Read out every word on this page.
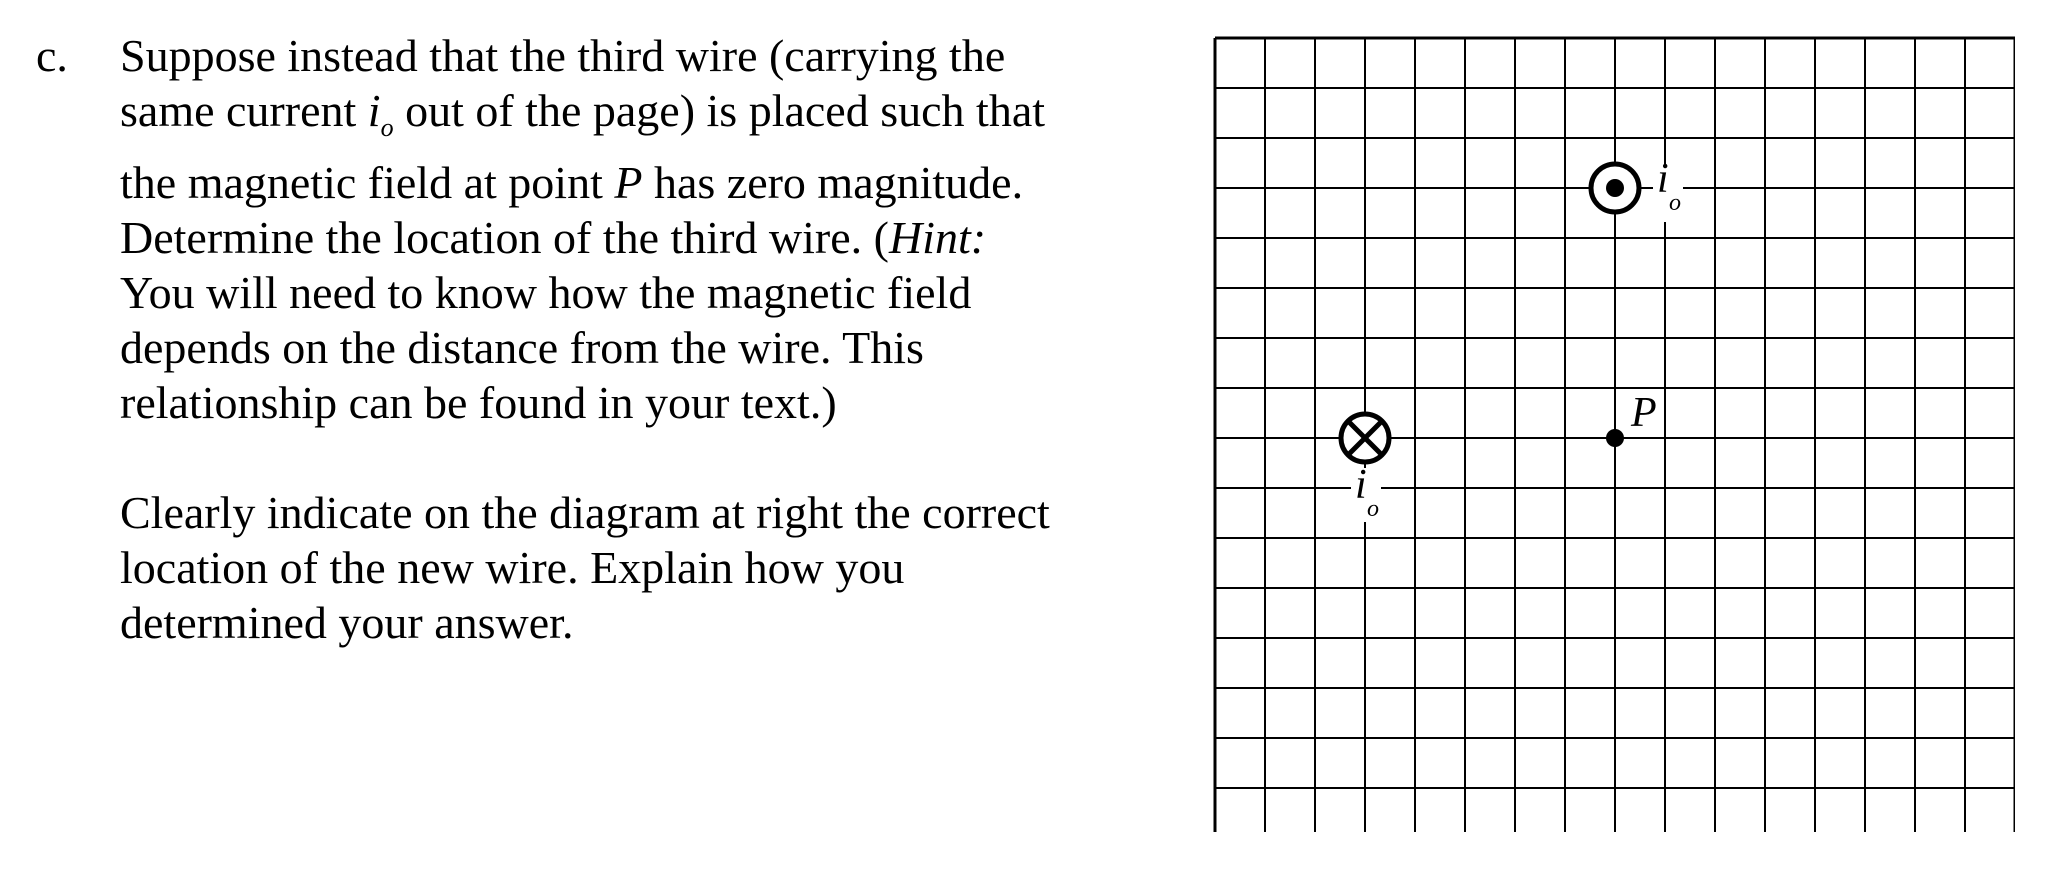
c. Suppose instead that the third wire (carrying the
same current $i_o$ out of the page) is placed such that
the magnetic field at point P has zero magnitude.
Determine the location of the third wire. (Hint:
You will need to know how the magnetic field
depends on the distance from the wire. This
relationship can be found in your text.)

Clearly indicate on the diagram at right the correct
location of the new wire. Explain how you
determined your answer.

i
o
i
o
P
